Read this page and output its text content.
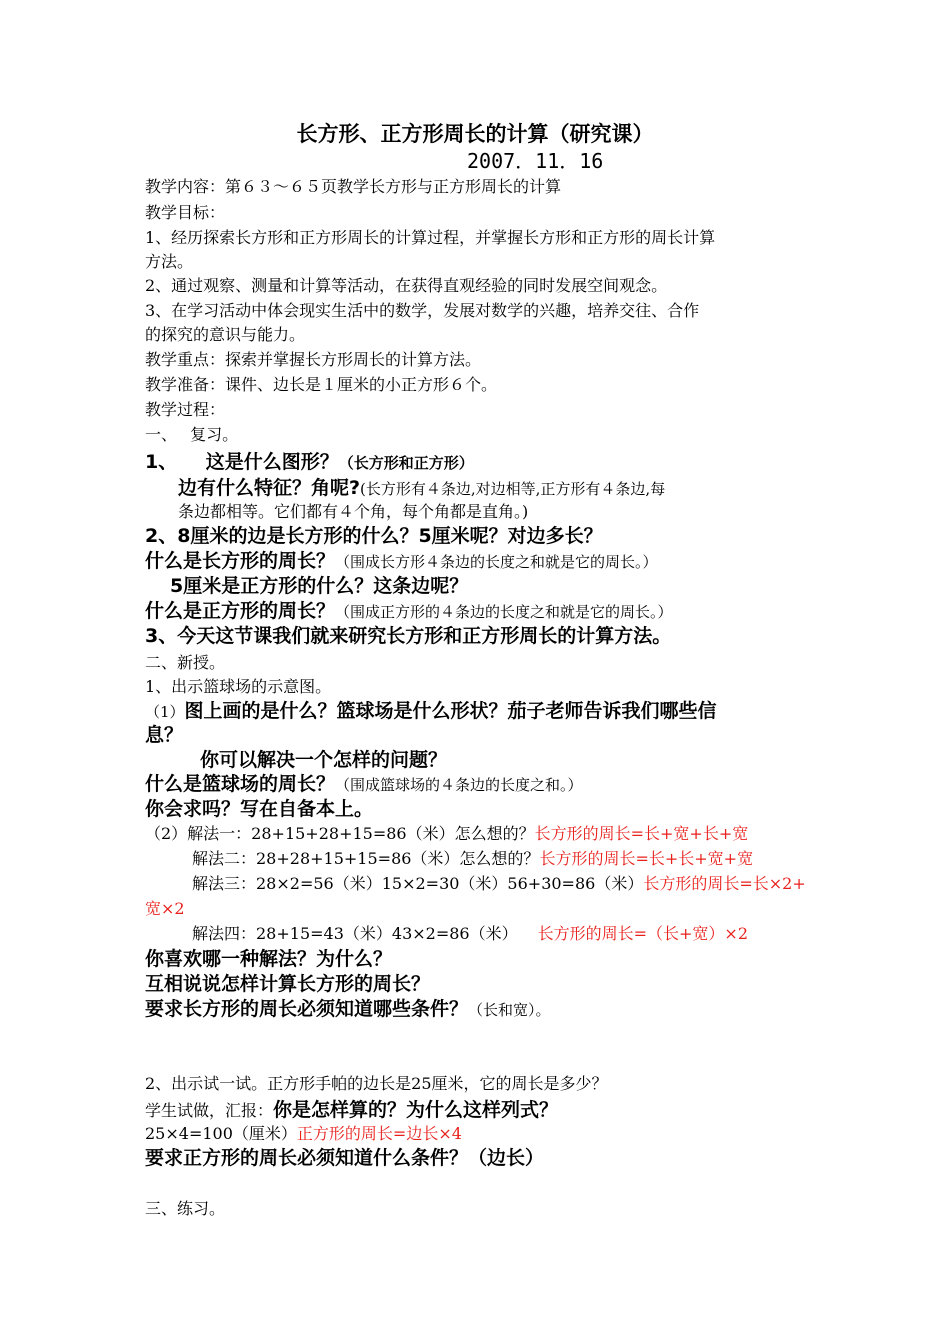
长方形、正方形周长的计算（研究课）
2007．11．16
教学内容：第６３～６５页教学长方形与正方形周长的计算
教学目标：
1、经历探索长方形和正方形周长的计算过程，并掌握长方形和正方形的周长计算
方法。
2、通过观察、测量和计算等活动，在获得直观经验的同时发展空间观念。
3、在学习活动中体会现实生活中的数学，发展对数学的兴趣，培养交往、合作
的探究的意识与能力。
教学重点：探索并掌握长方形周长的计算方法。
教学准备：课件、边长是１厘米的小正方形６个。
教学过程：
一、　 复习。
1、　　这是什么图形？（长方形和正方形）
边有什么特征？角呢?(长方形有４条边,对边相等,正方形有４条边,每
条边都相等。它们都有４个角，每个角都是直角。)
2、8厘米的边是长方形的什么？5厘米呢？对边多长？
什么是长方形的周长？（围成长方形４条边的长度之和就是它的周长。）
5厘米是正方形的什么？这条边呢？
什么是正方形的周长？（围成正方形的４条边的长度之和就是它的周长。）
3、今天这节课我们就来研究长方形和正方形周长的计算方法。
二、新授。
1、出示篮球场的示意图。
（1）图上画的是什么？篮球场是什么形状？茄子老师告诉我们哪些信
息？
你可以解决一个怎样的问题？
什么是篮球场的周长？（围成篮球场的４条边的长度之和。）
你会求吗？写在自备本上。
（2）解法一：28+15+28+15=86（米）怎么想的？长方形的周长=长+宽+长+宽
解法二：28+28+15+15=86（米）怎么想的？长方形的周长=长+长+宽+宽
解法三：28×2=56（米）15×2=30（米）56+30=86（米）长方形的周长=长×2+
宽×2
解法四：28+15=43（米）43×2=86（米） 长方形的周长=（长+宽）×2
你喜欢哪一种解法？为什么？
互相说说怎样计算长方形的周长？
要求长方形的周长必须知道哪些条件？（长和宽）。
2、出示试一试。正方形手帕的边长是25厘米，它的周长是多少？
学生试做，汇报：你是怎样算的？为什么这样列式？
25×4=100（厘米）正方形的周长=边长×4
要求正方形的周长必须知道什么条件？（边长）
三、练习。
